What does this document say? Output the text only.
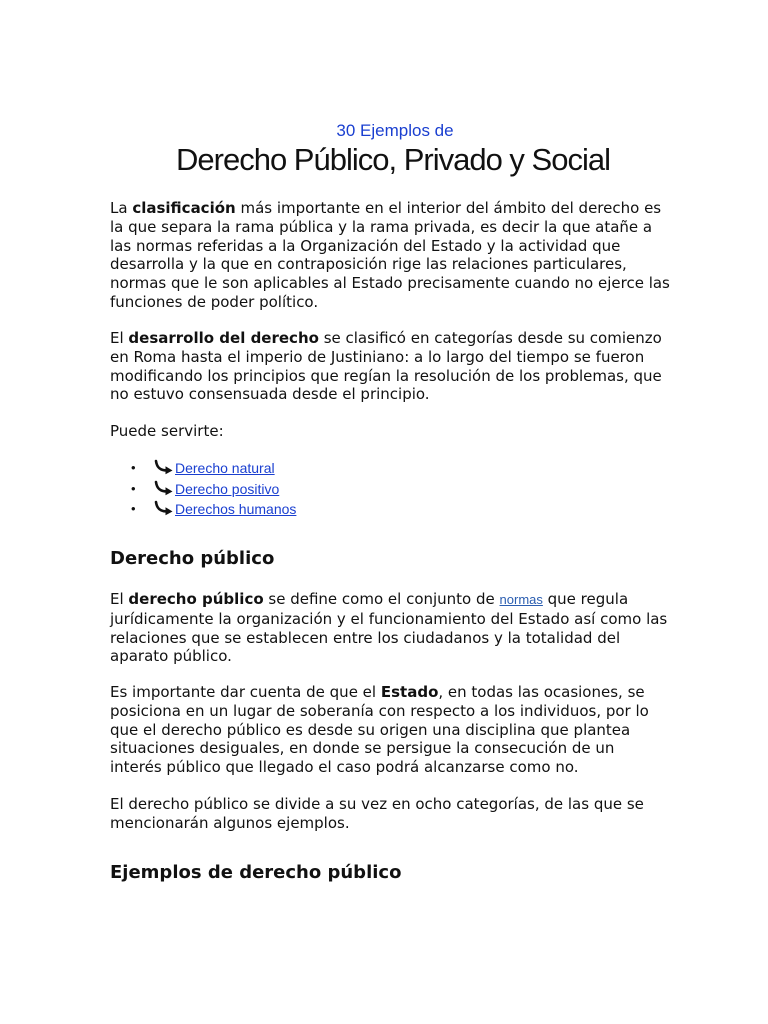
30 Ejemplos de
Derecho Público, Privado y Social

La clasificación más importante en el interior del ámbito del derecho es la que separa la rama pública y la rama privada, es decir la que atañe a las normas referidas a la Organización del Estado y la actividad que desarrolla y la que en contraposición rige las relaciones particulares, normas que le son aplicables al Estado precisamente cuando no ejerce las funciones de poder político.

El desarrollo del derecho se clasificó en categorías desde su comienzo en Roma hasta el imperio de Justiniano: a lo largo del tiempo se fueron modificando los principios que regían la resolución de los problemas, que no estuvo consensuada desde el principio.

Puede servirte:

•	Derecho natural
•	Derecho positivo
•	Derechos humanos
Derecho público

El derecho público se define como el conjunto de normas que regula jurídicamente la organización y el funcionamiento del Estado así como las relaciones que se establecen entre los ciudadanos y la totalidad del aparato público.

Es importante dar cuenta de que el Estado, en todas las ocasiones, se posiciona en un lugar de soberanía con respecto a los individuos, por lo que el derecho público es desde su origen una disciplina que plantea situaciones desiguales, en donde se persigue la consecución de un interés público que llegado el caso podrá alcanzarse como no.

El derecho público se divide a su vez en ocho categorías, de las que se mencionarán algunos ejemplos.

Ejemplos de derecho público
